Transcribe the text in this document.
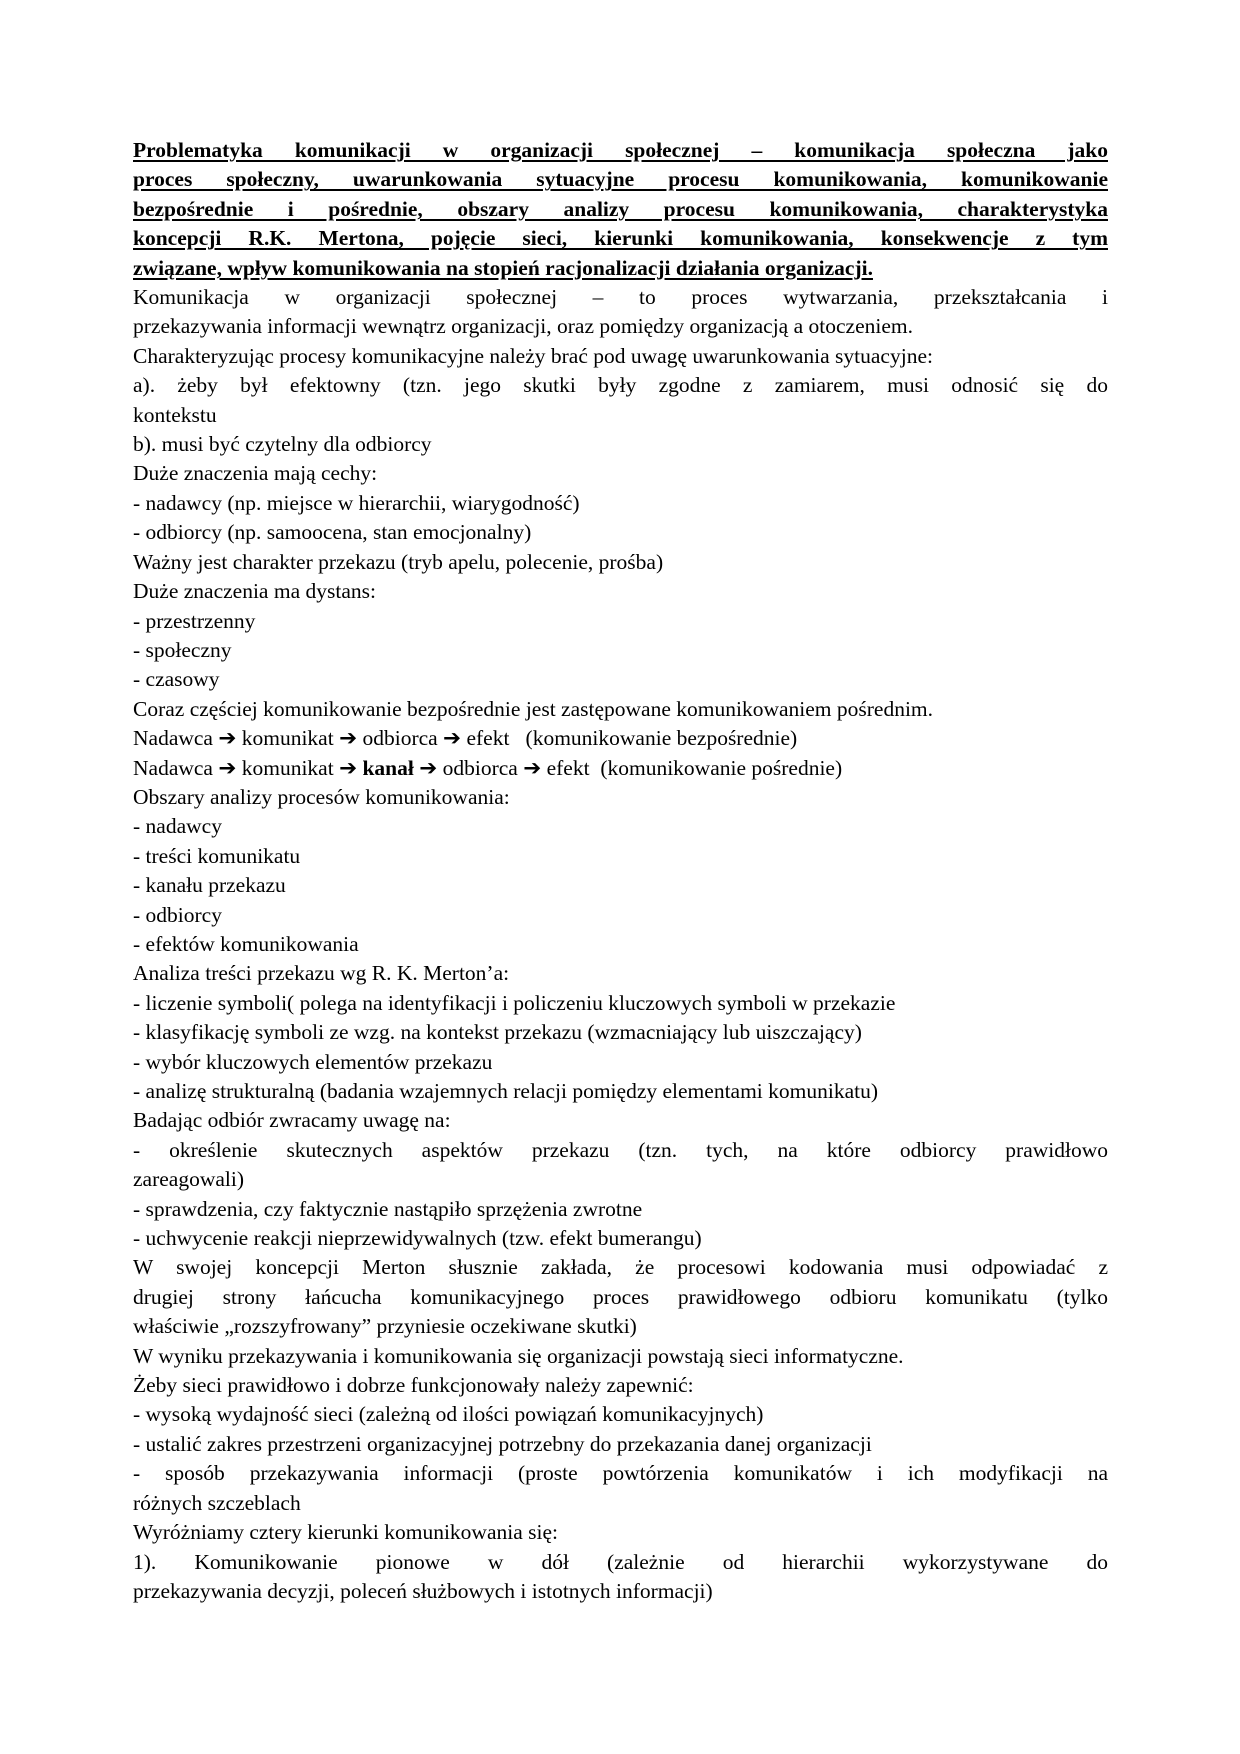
Problematyka komunikacji w organizacji społecznej – komunikacja społeczna jako
proces społeczny, uwarunkowania sytuacyjne procesu komunikowania, komunikowanie
bezpośrednie i pośrednie, obszary analizy procesu komunikowania, charakterystyka
koncepcji R.K. Mertona, pojęcie sieci, kierunki komunikowania, konsekwencje z tym
związane, wpływ komunikowania na stopień racjonalizacji działania organizacji.
Komunikacja w organizacji społecznej – to proces wytwarzania, przekształcania i
przekazywania informacji wewnątrz organizacji, oraz pomiędzy organizacją a otoczeniem.
Charakteryzując procesy komunikacyjne należy brać pod uwagę uwarunkowania sytuacyjne:
a). żeby był efektowny (tzn. jego skutki były zgodne z zamiarem, musi odnosić się do
kontekstu
b). musi być czytelny dla odbiorcy
Duże znaczenia mają cechy:
- nadawcy (np. miejsce w hierarchii, wiarygodność)
- odbiorcy (np. samoocena, stan emocjonalny)
Ważny jest charakter przekazu (tryb apelu, polecenie, prośba)
Duże znaczenia ma dystans:
- przestrzenny
- społeczny
- czasowy
Coraz częściej komunikowanie bezpośrednie jest zastępowane komunikowaniem pośrednim.
Nadawca ➔ komunikat ➔ odbiorca ➔ efekt   (komunikowanie bezpośrednie)
Nadawca ➔ komunikat ➔ kanał ➔ odbiorca ➔ efekt  (komunikowanie pośrednie)
Obszary analizy procesów komunikowania:
- nadawcy
- treści komunikatu
- kanału przekazu
- odbiorcy
- efektów komunikowania
Analiza treści przekazu wg R. K. Merton’a:
- liczenie symboli( polega na identyfikacji i policzeniu kluczowych symboli w przekazie
- klasyfikację symboli ze wzg. na kontekst przekazu (wzmacniający lub uiszczający)
- wybór kluczowych elementów przekazu
- analizę strukturalną (badania wzajemnych relacji pomiędzy elementami komunikatu)
Badając odbiór zwracamy uwagę na:
- określenie skutecznych aspektów przekazu (tzn. tych, na które odbiorcy prawidłowo
zareagowali)
- sprawdzenia, czy faktycznie nastąpiło sprzężenia zwrotne
- uchwycenie reakcji nieprzewidywalnych (tzw. efekt bumerangu)
W swojej koncepcji Merton słusznie zakłada, że procesowi kodowania musi odpowiadać z
drugiej strony łańcucha komunikacyjnego proces prawidłowego odbioru komunikatu (tylko
właściwie „rozszyfrowany” przyniesie oczekiwane skutki)
W wyniku przekazywania i komunikowania się organizacji powstają sieci informatyczne.
Żeby sieci prawidłowo i dobrze funkcjonowały należy zapewnić:
- wysoką wydajność sieci (zależną od ilości powiązań komunikacyjnych)
- ustalić zakres przestrzeni organizacyjnej potrzebny do przekazania danej organizacji
- sposób przekazywania informacji (proste powtórzenia komunikatów i ich modyfikacji na
różnych szczeblach
Wyróżniamy cztery kierunki komunikowania się:
1). Komunikowanie pionowe w dół (zależnie od hierarchii wykorzystywane do
przekazywania decyzji, poleceń służbowych i istotnych informacji)
